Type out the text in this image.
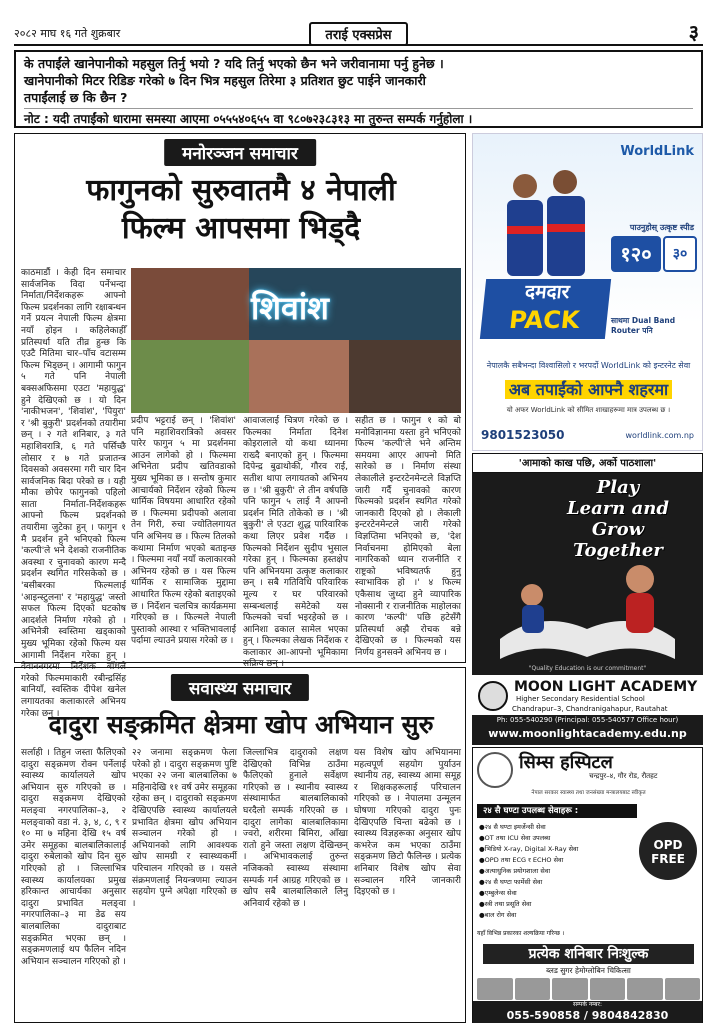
२०८२ माघ १६ गते शुक्रबार	तराई एक्सप्रेस	३

के तपाईंले खानेपानीको महसुल तिर्नु भयो ? यदि तिर्नु भएको छैन भने जरीवानामा पर्नु हुनेछ ।

खानेपानीको मिटर रिडिङ गरेको ७ दिन भित्र महसुल तिरेमा ३ प्रतिशत छुट पाईने जानकारी

तपाईंलाई छ कि छैन ?

नोट : यदी तपाईंको धारामा समस्या आएमा ०५५५४०६५५ वा ९८०७२३८३१३ मा तुरुन्त सम्पर्क गर्नुहोला ।

मनोरञ्जन समाचार
फागुनको सुरुवातमै ४ नेपाली
फिल्म आपसमा भिड्दै
काठमाडौं । केही दिन समाचार सार्वजनिक विदा पर्नेभन्दा निर्माता/निर्देशकहरू आफ्नो फिल्म प्रदर्शनका लागि रक्षाबन्धन गर्ने प्रयत्न नेपाली फिल्म क्षेत्रमा नयाँ होइन । कहिलेकाहीँ प्रतिस्पर्धा यति तीव्र हुन्छ कि एउटै मितिमा चार–पाँच वटासम्म फिल्म भिड्छन् । आगामी फागुन ५ गते पनि नेपाली बक्सअफिसमा एउटा 'महायुद्ध' हुने देखिएको छ । यो दिन 'नाकीभजन', 'शिवांश', 'पियुरा' र 'श्री बुकुरी' प्रदर्शनको तयारीमा छन् । २ गते शनिबार, ३ गते महाशिवरात्रि, ६ गते पर्सिच्छै लोसार र ७ गते प्रजातन्त्र दिवसको अवसरमा गरी चार दिन सार्वजनिक बिदा परेको छ । यही मौका छोपेर फागुनको पहिलो साता निर्माता-निर्देशकहरू आफ्नो फिल्म प्रदर्शनको तयारीमा जुटेका हुन् । फागुन १ मै प्रदर्शन हुने भनिएको फिल्म 'कल्पी'ले भने देशको राजनीतिक अवस्था र चुनावको कारण मन्दै प्रदर्शन स्थगित गरिसकेको छ । 'बसीबरका फिल्मलाई 'आइन्स्टुलना' र 'महायुद्ध' जस्तो सफल फिल्म दिएको घटकोष आदर्शले निर्माण गरेको हो । अभिनेत्री स्वस्तिमा खड्काको मुख्य भूमिका रहेको फिल्म यस आगामी निर्देशन गरेका हुन् । वैवाननगरमा निर्देशक बाँधले गरेको फिल्ममाकारी रबीन्द्रसिंह बानियाँ, स्वस्तिक दीपेश खनेल लगायतका कलाकारले अभिनय गरेका छन् ।
शिवांश
प्रदीप भट्टराई छन् । 'शिवांश' पनि महाशिवरात्रिको अवसर पारेर फागुन ५ मा प्रदर्शनमा आउन लागेको हो । फिल्ममा अभिनेता प्रदीप खतिवडाको मुख्य भूमिका छ । सन्तोष कुमार आचार्यको निर्देशन रहेको फिल्म धार्मिक विषयमा आधारित रहेको छ । फिल्ममा प्रदीपको अलावा तेन गिरी, रुचा ज्योतिलगायत पनि अभिनय छ । फिल्म तिलको कथामा निर्माण भएको बताइन्छ । फिल्ममा नयाँ नयाँ कलाकारको अभिनय रहेको छ । यस फिल्म धार्मिक र सामाजिक मुद्दामा आधारित फिल्म रहेको बताइएको छ । निर्देशन चलचित्र कार्यक्रममा गरिएको छ । फिल्मले नेपाली पुस्ताको आस्था र भक्तिभावलाई पर्दामा ल्याउने प्रयास गरेको छ ।
आवाजलाई चित्रण गरेको छ । फिल्मका निर्माता दिनेश कोइरालाले यो कथा ध्यानमा राख्दै बनाएको हुन् । फिल्ममा दिपेन्द्र बुढाथोकी, गौरव राई, सतीश थापा लगायतको अभिनय छ । 'श्री बुकुरी' ले तीन वर्षपछि पनि फागुन ५ लाई नै आफ्नो प्रदर्शन मिति तोकेको छ । 'श्री बुकुरी' ले एउटा शुद्ध पारिवारिक कथा लिएर प्रवेश गर्दैछ । फिल्मको निर्देशन सुदीप भुसाल गरेका हुन् । फिल्मका हस्तक्षेप पनि अभिनयमा उत्कृष्ट कलाकार छन् । सबै गतिविधि परिवारिक मूल्य र घर परिवारको सम्बन्धलाई समेटेको यस फिल्मको चर्चा भइरहेको छ । आनिशा ढकाल सामेल भएका हुन् । फिल्मका लेखक निर्देशक र कलाकार आ-आफ्नो भूमिकामा सक्रिय छन् ।
सहीत छ । फागुन १ को बो मनोविज्ञानमा यस्ता हुने भनिएको फिल्म 'कल्पी'ले भने अन्तिम समयमा आएर आफ्नो मिति सारेको छ । निर्माण संस्था लेकालीले इन्टरटेनमेन्टले विज्ञप्ति जारी गर्दै चुनावको कारण फिल्मको प्रदर्शन स्थगित गरेको जानकारी दिएको हो । लेकाली इन्टरटेनमेन्टले जारी गरेको विज्ञप्तिमा भनिएको छ, 'देश निर्वाचनमा होमिएको बेला नागरिकको ध्यान राजनीति र राष्ट्रको भविष्यतर्फ हुनु स्वाभाविक हो ।' ४ फिल्म एकैसाथ जुध्दा हुने व्यापारिक नोक्सानी र राजनीतिक माहोलका कारण 'कल्पी' पछि हटेसँगै प्रतिस्पर्धा अझै रोचक बन्ने देखिएको छ । फिल्मको यस निर्णय हुनसक्ने अभिनय छ ।
सवास्थ्य समाचार
दादुरा सङ्क्रमित क्षेत्रमा खोप अभियान सुरु
सर्लाही । तिहुन जस्ता फैलिएको दादुरा सङ्क्रमण रोक्न पर्नेलाई स्वास्थ्य कार्यालयले खोप अभियान सुरु गरिएको छ । दादुरा सङ्क्रमण देखिएको मलङ्वा नगरपालिका–३, २ मलङ्वाको वडा नं. ३, ४, ८, ९ र १० मा ७ महिना देखि १५ वर्ष उमेर समूहका बालबालिकालाई दादुरा रुबेलाको खोप दिन सुरु गरिएको हो । जिल्लाभित्र स्वास्थ्य कार्यालयका प्रमुख हरिकान्त आचार्यका अनुसार दादुरा प्रभावित मलङ्वा नगरपालिका–३ मा डेढ सय बालबालिका दादुराबाट सङ्क्रमित भएका छन् । सङ्क्रमणलाई थप फैलिन नदिन अभियान सञ्चालन गरिएको हो ।
२२ जनामा सङ्क्रमण फेला परेको हो । दादुरा सङ्क्रमण पुष्टि भएका २२ जना बालबालिका ७ महिनादेखि ११ वर्ष उमेर समूहका रहेका छन् । दादुराको सङ्क्रमण देखिएपछि स्वास्थ्य कार्यालयले प्रभावित क्षेत्रमा खोप अभियान सञ्चालन गरेको हो । अभियानको लागि आवश्यक खोप सामग्री र स्वास्थ्यकर्मी परिचालन गरिएको छ । यसले संक्रमणलाई नियन्त्रणमा ल्याउन सहयोग पुग्ने अपेक्षा गरिएको छ ।
जिल्लाभित्र दादुराको लक्षण देखिएको विभिन्न ठाउँमा फैलिएको हुनाले सर्वेक्षण गरिएको छ । स्थानीय स्वास्थ्य संस्थामार्फत बालबालिकाको घरदैलो सम्पर्क गरिएको छ । दादुरा लागेका बालबालिकामा ज्वरो, शरीरमा बिमिरा, आँखा रातो हुने जस्ता लक्षण देखिन्छन् । अभिभावकलाई तुरुन्त नजिकको स्वास्थ्य संस्थामा सम्पर्क गर्न आग्रह गरिएको छ । खोप सबै बालबालिकाले लिनु अनिवार्य रहेको छ ।
यस विशेष खोप अभियानमा महत्वपूर्ण सहयोग पुर्याउन स्थानीय तह, स्वास्थ्य आमा समूह र शिक्षकहरूलाई परिचालन गरिएको छ । नेपालमा उन्मूलन घोषणा गरिएको दादुरा पुनः देखिएपछि चिन्ता बढेको छ । स्वास्थ्य विज्ञहरूका अनुसार खोप कभरेज कम भएका ठाउँमा सङ्क्रमण छिटो फैलिन्छ । प्रत्येक शनिबार विशेष खोप सेवा सञ्चालन गरिने जानकारी दिइएको छ ।
WorldLink
पाउनुहोस् उत्कृष्ट स्पीड
१२०	३०
दमदार
PACK	साथमा Dual Band Router पनि
नेपालकै सबैभन्दा विश्वासिलो र भरपर्दो WorldLink को इन्टरनेट सेवा
अब तपाईंको आफ्नै शहरमा
यो अफर WorldLink को सीमित शाखाहरूमा मात्र उपलब्ध छ ।
9801523050	worldlink.com.np
'आमाको काख पछि, अर्को पाठशाला'
Play
Learn and
Grow
Together
"Quality Education is our commitment"
MOON LIGHT ACADEMY
Higher Secondary Residential School
Chandrapur–3, Chandranigahapur, Rautahat
Ph: 055-540290 (Principal: 055-540577 Office hour)
www.moonlightacademy.edu.np
सिम्स हस्पिटल
चन्द्रपुर–४, गौर रोड, रौतहट
नेपाल सरकार स्वास्थ्य तथा जनसंख्या मन्त्रालयबाट स्वीकृत
२४ सै घण्टा उपलब्ध सेवाहरू :
● २४ सै घण्टा इमर्जेन्सी सेवा
● OT तथा ICU सेवा उपलब्ध
● भिडियो X-ray, Digital X-Ray सेवा
● OPD तथा ECG र ECHO सेवा
● अत्याधुनिक प्रयोगशाला सेवा
● २४ सै घण्टा फार्मेसी सेवा
● एम्बुलेन्स सेवा
● स्त्री तथा प्रसूति सेवा
● बाल रोग सेवा
OPD
FREE
यहाँ विभिन्न प्रकारका शल्यक्रिया गरिन्छ ।
प्रत्येक शनिबार निःशुल्क
ब्लड सुगर हेमोग्लोबिन चिकित्सा
सम्पर्क नम्बर:
055-590858 / 9804842830
